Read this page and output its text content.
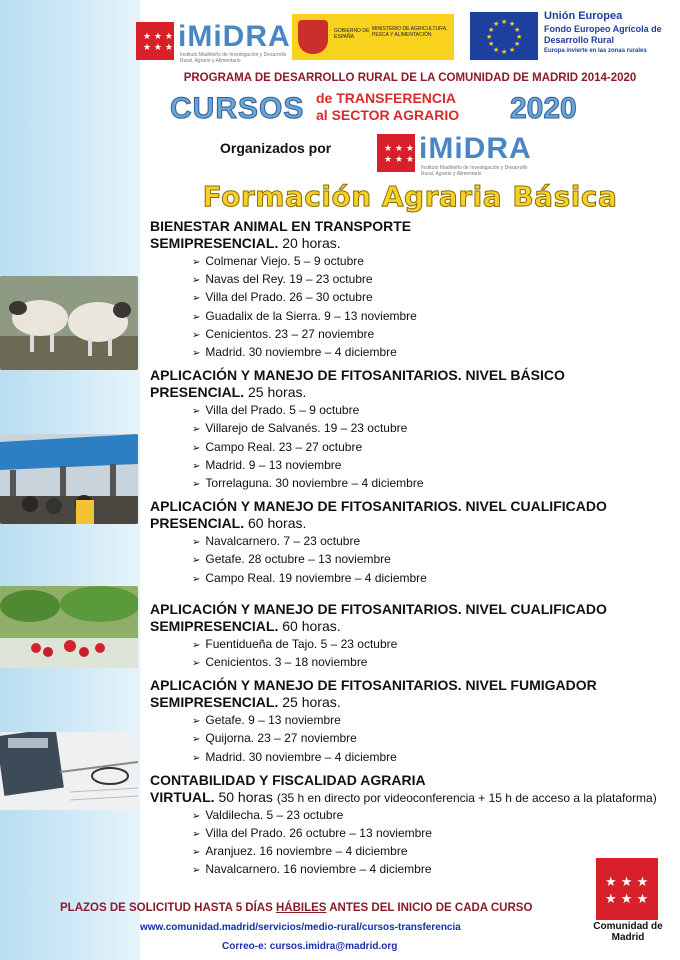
★ ★ ★
★ ★ ★ iMiDRA
Instituto Madrileño de Investigación y Desarrollo Rural, Agrario y Alimentario
GOBIERNO DE ESPAÑA
MINISTERIO DE AGRICULTURA, PESCA Y ALIMENTACIÓN
★ ★
★
★
★
★
★
★
★
★
★
★
Unión Europea
Fondo Europeo Agrícola de Desarrollo Rural
Europa invierte en las zonas rurales
PROGRAMA DE DESARROLLO RURAL DE LA COMUNIDAD DE MADRID 2014-2020
CURSOS de TRANSFERENCIA
al SECTOR AGRARIO 2020
Organizados por	★ ★ ★
★ ★ ★ iMiDRA
Instituto Madrileño de Investigación y Desarrollo Rural, Agrario y Alimentario
Formación Agraria Básica
BIENESTAR ANIMAL EN TRANSPORTE
SEMIPRESENCIAL. 20 horas.
➢ Colmenar Viejo. 5 – 9 octubre
➢ Navas del Rey. 19 – 23 octubre
➢ Villa del Prado. 26 – 30 octubre
➢ Guadalix de la Sierra. 9 – 13 noviembre
➢ Cenicientos. 23 – 27 noviembre
➢ Madrid. 30 noviembre – 4 diciembre
APLICACIÓN Y MANEJO DE FITOSANITARIOS. NIVEL BÁSICO
PRESENCIAL. 25 horas.
➢ Villa del Prado. 5 – 9 octubre
➢ Villarejo de Salvanés. 19 – 23 octubre
➢ Campo Real. 23 – 27 octubre
➢ Madrid. 9 – 13 noviembre
➢ Torrelaguna. 30 noviembre – 4 diciembre
APLICACIÓN Y MANEJO DE FITOSANITARIOS. NIVEL CUALIFICADO
PRESENCIAL. 60 horas.
➢ Navalcarnero. 7 – 23 octubre
➢ Getafe. 28 octubre – 13 noviembre
➢ Campo Real. 19 noviembre – 4 diciembre
APLICACIÓN Y MANEJO DE FITOSANITARIOS. NIVEL CUALIFICADO
SEMIPRESENCIAL. 60 horas.
➢ Fuentidueña de Tajo. 5 – 23 octubre
➢ Cenicientos. 3 – 18 noviembre
APLICACIÓN Y MANEJO DE FITOSANITARIOS. NIVEL FUMIGADOR
SEMIPRESENCIAL. 25 horas.
➢ Getafe. 9 – 13 noviembre
➢ Quijorna. 23 – 27 noviembre
➢ Madrid. 30 noviembre – 4 diciembre
CONTABILIDAD Y FISCALIDAD AGRARIA
VIRTUAL. 50 horas (35 h en directo por videoconferencia + 15 h de acceso a la plataforma)
➢ Valdilecha. 5 – 23 octubre
➢ Villa del Prado. 26 octubre – 13 noviembre
➢ Aranjuez. 16 noviembre – 4 diciembre
➢ Navalcarnero. 16 noviembre – 4 diciembre
PLAZOS DE SOLICITUD HASTA 5 DÍAS HÁBILES ANTES DEL INICIO DE CADA CURSO
www.comunidad.madrid/servicios/medio-rural/cursos-transferencia
Correo-e: cursos.imidra@madrid.org
★ ★ ★
★ ★ ★
Comunidad de Madrid
